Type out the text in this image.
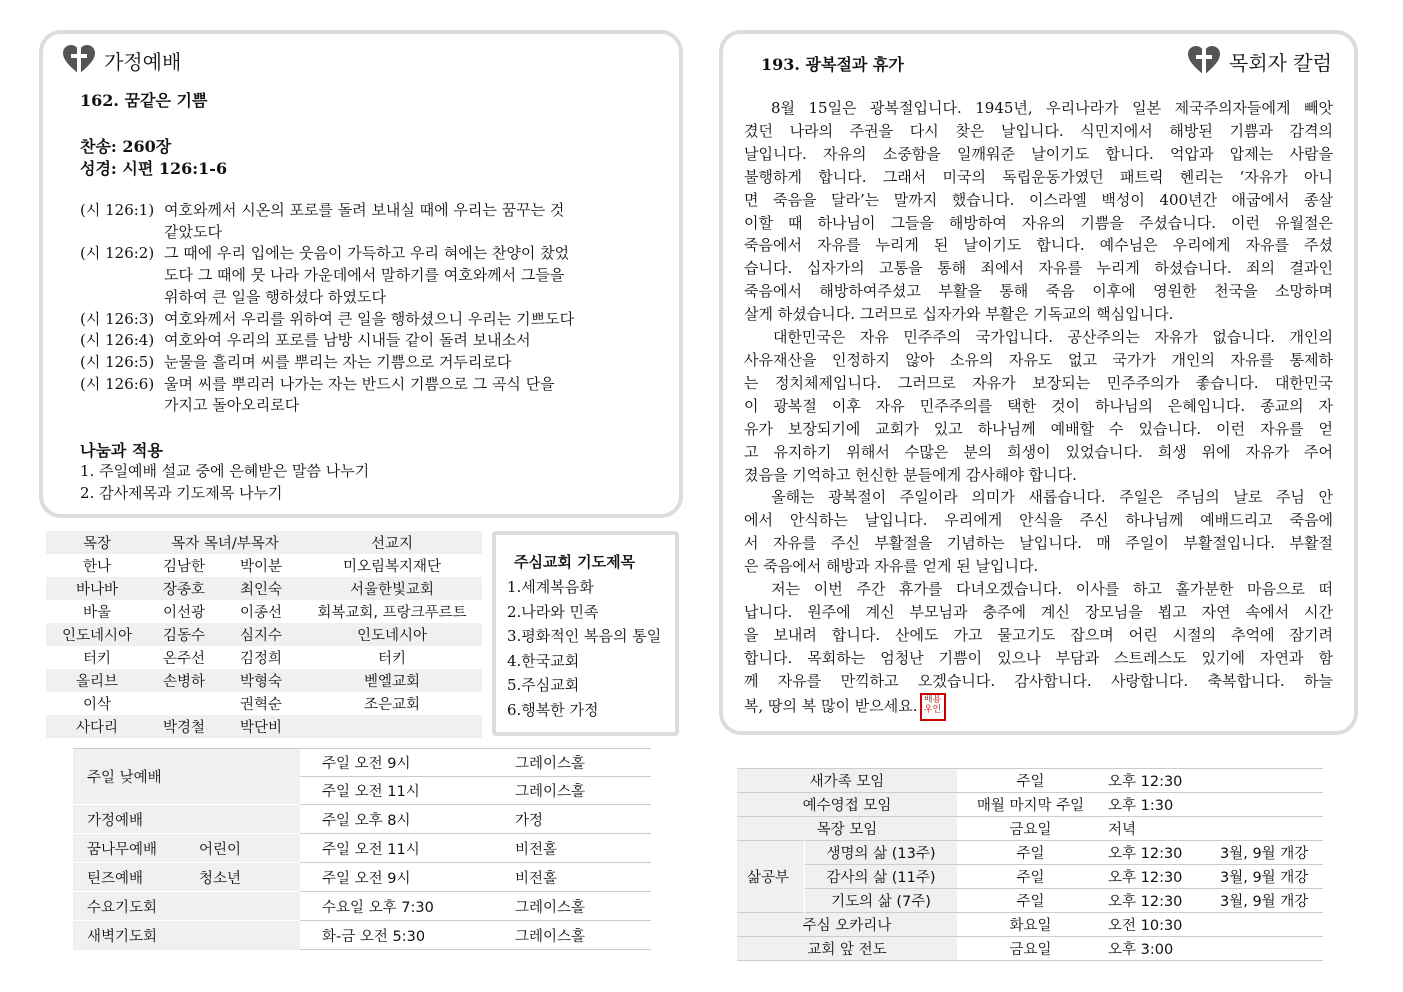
가정예배
162. 꿈같은 기쁨
찬송: 260장
성경: 시편 126:1-6
(시 126:1) 여호와께서 시온의 포로를 돌려 보내실 때에 우리는 꿈꾸는 것
같았도다
(시 126:2) 그 때에 우리 입에는 웃음이 가득하고 우리 혀에는 찬양이 찼었
도다 그 때에 뭇 나라 가운데에서 말하기를 여호와께서 그들을
위하여 큰 일을 행하셨다 하였도다
(시 126:3) 여호와께서 우리를 위하여 큰 일을 행하셨으니 우리는 기쁘도다
(시 126:4) 여호와여 우리의 포로를 남방 시내들 같이 돌려 보내소서
(시 126:5) 눈물을 흘리며 씨를 뿌리는 자는 기쁨으로 거두리로다
(시 126:6) 울며 씨를 뿌리러 나가는 자는 반드시 기쁨으로 그 곡식 단을
가지고 돌아오리로다
나눔과 적용
1. 주일예배 설교 중에 은혜받은 말씀 나누기
2. 감사제목과 기도제목 나누기
목장	목자 목녀/부목자		선교지
한나	김남한	박이분	미오림복지재단
바나바	장종호	최인숙	서울한빛교회
바울	이선광	이종선	회복교회, 프랑크푸르트
인도네시아	김동수	심지수	인도네시아
터키	온주선	김정희	터키
올리브	손병하	박형숙	벧엘교회
이삭		권혁순	조은교회
사다리	박경철	박단비	
주심교회 기도제목
1.세계복음화
2.나라와 민족
3.평화적인 복음의 통일
4.한국교회
5.주심교회
6.행복한 가정
주일 낮예배		주일 오전 9시	그레이스홀
		주일 오전 11시	그레이스홀
가정예배		주일 오후 8시	가정
꿈나무예배	어린이	주일 오전 11시	비전홀
틴즈예배	청소년	주일 오전 9시	비전홀
수요기도회		수요일 오후 7:30	그레이스홀
새벽기도회		화-금 오전 5:30	그레이스홀
193. 광복절과 휴가	목회자 칼럼
8월 15일은 광복절입니다. 1945년, 우리나라가 일본 제국주의자들에게 빼앗
겼던 나라의 주권을 다시 찾은 날입니다. 식민지에서 해방된 기쁨과 감격의
날입니다. 자유의 소중함을 일깨워준 날이기도 합니다. 억압과 압제는 사람을
불행하게 합니다. 그래서 미국의 독립운동가였던 패트릭 헨리는 ‘자유가 아니
면 죽음을 달라’는 말까지 했습니다. 이스라엘 백성이 400년간 애굽에서 종살
이할 때 하나님이 그들을 해방하여 자유의 기쁨을 주셨습니다. 이런 유월절은
죽음에서 자유를 누리게 된 날이기도 합니다. 예수님은 우리에게 자유를 주셨
습니다. 십자가의 고통을 통해 죄에서 자유를 누리게 하셨습니다. 죄의 결과인
죽음에서 해방하여주셨고 부활을 통해 죽음 이후에 영원한 천국을 소망하며
살게 하셨습니다. 그러므로 십자가와 부활은 기독교의 핵심입니다.
대한민국은 자유 민주주의 국가입니다. 공산주의는 자유가 없습니다. 개인의
사유재산을 인정하지 않아 소유의 자유도 없고 국가가 개인의 자유를 통제하
는 정치체제입니다. 그러므로 자유가 보장되는 민주주의가 좋습니다. 대한민국
이 광복절 이후 자유 민주주의를 택한 것이 하나님의 은혜입니다. 종교의 자
유가 보장되기에 교회가 있고 하나님께 예배할 수 있습니다. 이런 자유를 얻
고 유지하기 위해서 수많은 분의 희생이 있었습니다. 희생 위에 자유가 주어
졌음을 기억하고 헌신한 분들에게 감사해야 합니다.
올해는 광복절이 주일이라 의미가 새롭습니다. 주일은 주님의 날로 주님 안
에서 안식하는 날입니다. 우리에게 안식을 주신 하나님께 예배드리고 죽음에
서 자유를 주신 부활절을 기념하는 날입니다. 매 주일이 부활절입니다. 부활절
은 죽음에서 해방과 자유를 얻게 된 날입니다.
저는 이번 주간 휴가를 다녀오겠습니다. 이사를 하고 홀가분한 마음으로 떠
납니다. 원주에 계신 부모님과 충주에 계신 장모님을 뵙고 자연 속에서 시간
을 보내려 합니다. 산에도 가고 물고기도 잡으며 어린 시절의 추억에 잠기려
합니다. 목회하는 엄청난 기쁨이 있으나 부담과 스트레스도 있기에 자연과 함
께 자유를 만끽하고 오겠습니다. 감사합니다. 사랑합니다. 축복합니다. 하늘
복, 땅의 복 많이 받으세요. 배용
우인
새가족 모임		주일	오후 12:30	
예수영접 모임		매월 마지막 주일	오후 1:30	
목장 모임		금요일	저녁	
삶공부	생명의 삶 (13주)	주일	오후 12:30	3월, 9월 개강
	감사의 삶 (11주)	주일	오후 12:30	3월, 9월 개강
	기도의 삶 (7주)	주일	오후 12:30	3월, 9월 개강
주심 오카리나		화요일	오전 10:30	
교회 앞 전도		금요일	오후 3:00	
